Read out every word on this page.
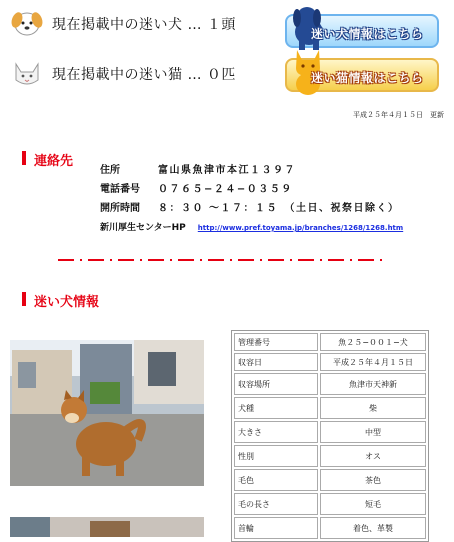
現在掲載中の迷い犬 … １頭
現在掲載中の迷い猫 … ０匹
迷い犬情報はこちら
迷い猫情報はこちら
平成２５年４月１５日　更新
連絡先
住所	富山県魚津市本江１３９７
電話番号 ０７６５−２４−０３５９
開所時間 ８：３０ 〜１７：１５　（土日、祝祭日除く）
新川厚生センターHP http://www.pref.toyama.jp/branches/1268/1268.htm
迷い犬情報
管理番号	魚２５−００１−犬
収容日	平成２５年４月１５日
収容場所	魚津市天神新
犬種	柴
大きさ	中型
性別	オス
毛色	茶色
毛の長さ	短毛
首輪	着色、革製
